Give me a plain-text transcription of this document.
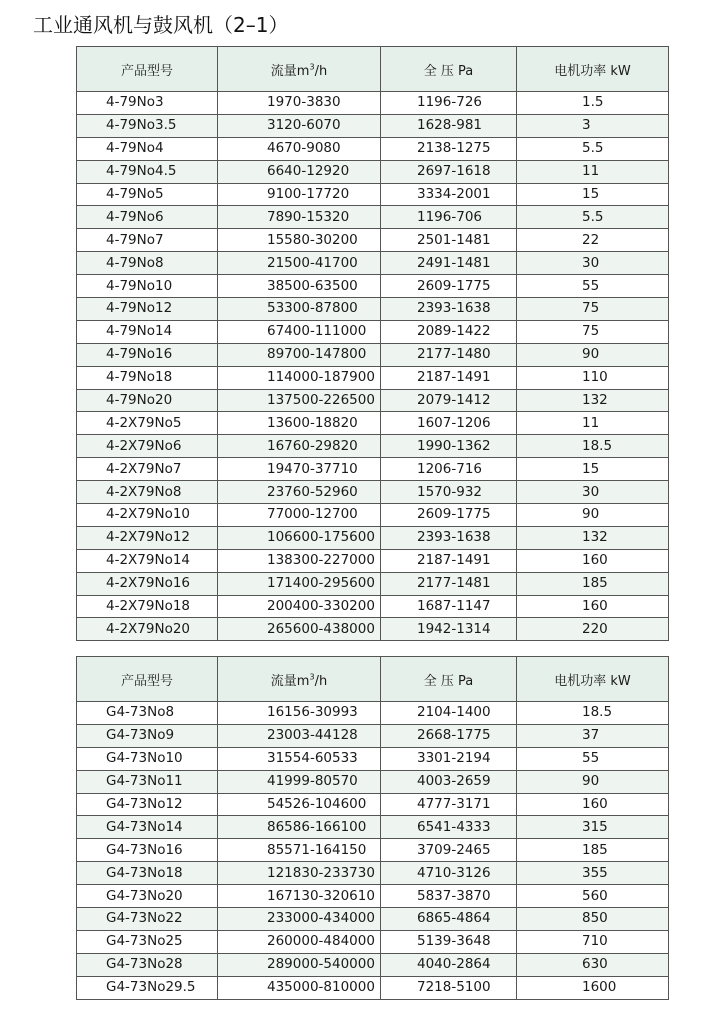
工业通风机与鼓风机（2–1）
产品型号	流量$m^3/h$	全 压 Pa	电机功率 kW
4-79No3	1970-3830	1196-726	1.5
4-79No3.5	3120-6070	1628-981	3
4-79No4	4670-9080	2138-1275	5.5
4-79No4.5	6640-12920	2697-1618	11
4-79No5	9100-17720	3334-2001	15
4-79No6	7890-15320	1196-706	5.5
4-79No7	15580-30200	2501-1481	22
4-79No8	21500-41700	2491-1481	30
4-79No10	38500-63500	2609-1775	55
4-79No12	53300-87800	2393-1638	75
4-79No14	67400-111000	2089-1422	75
4-79No16	89700-147800	2177-1480	90
4-79No18	114000-187900	2187-1491	110
4-79No20	137500-226500	2079-1412	132
4-2X79No5	13600-18820	1607-1206	11
4-2X79No6	16760-29820	1990-1362	18.5
4-2X79No7	19470-37710	1206-716	15
4-2X79No8	23760-52960	1570-932	30
4-2X79No10	77000-12700	2609-1775	90
4-2X79No12	106600-175600	2393-1638	132
4-2X79No14	138300-227000	2187-1491	160
4-2X79No16	171400-295600	2177-1481	185
4-2X79No18	200400-330200	1687-1147	160
4-2X79No20	265600-438000	1942-1314	220
产品型号	流量$m^3/h$	全 压 Pa	电机功率 kW
G4-73No8	16156-30993	2104-1400	18.5
G4-73No9	23003-44128	2668-1775	37
G4-73No10	31554-60533	3301-2194	55
G4-73No11	41999-80570	4003-2659	90
G4-73No12	54526-104600	4777-3171	160
G4-73No14	86586-166100	6541-4333	315
G4-73No16	85571-164150	3709-2465	185
G4-73No18	121830-233730	4710-3126	355
G4-73No20	167130-320610	5837-3870	560
G4-73No22	233000-434000	6865-4864	850
G4-73No25	260000-484000	5139-3648	710
G4-73No28	289000-540000	4040-2864	630
G4-73No29.5	435000-810000	7218-5100	1600
